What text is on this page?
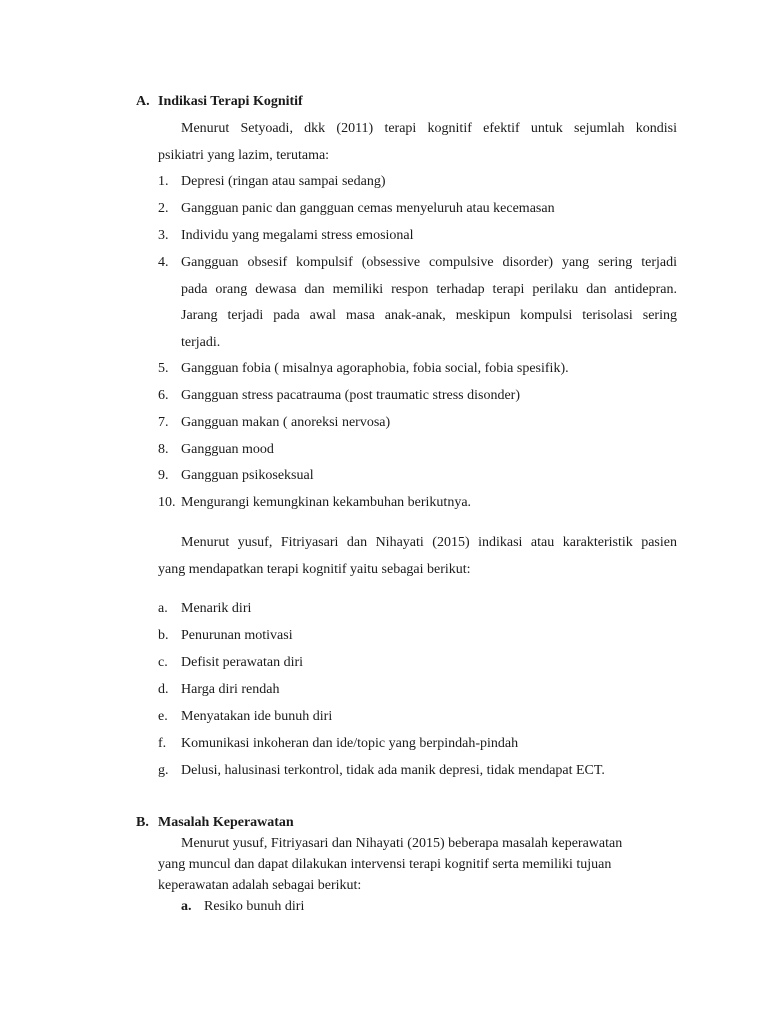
A. Indikasi Terapi Kognitif
Menurut Setyoadi, dkk (2011) terapi kognitif efektif untuk sejumlah kondisi
psikiatri yang lazim, terutama:
1. Depresi (ringan atau sampai sedang)
2. Gangguan panic dan gangguan cemas menyeluruh atau kecemasan
3. Individu yang megalami stress emosional
4. Gangguan obsesif kompulsif (obsessive compulsive disorder) yang sering terjadi
pada orang dewasa dan memiliki respon terhadap terapi perilaku dan antidepran.
Jarang terjadi pada awal masa anak-anak, meskipun kompulsi terisolasi sering
terjadi.
5. Gangguan fobia ( misalnya agoraphobia, fobia social, fobia spesifik).
6. Gangguan stress pacatrauma (post traumatic stress disonder)
7. Gangguan makan ( anoreksi nervosa)
8. Gangguan mood
9. Gangguan psikoseksual
10. Mengurangi kemungkinan kekambuhan berikutnya.
Menurut yusuf, Fitriyasari dan Nihayati (2015) indikasi atau karakteristik pasien
yang mendapatkan terapi kognitif yaitu sebagai berikut:
a. Menarik diri
b. Penurunan motivasi
c. Defisit perawatan diri
d. Harga diri rendah
e. Menyatakan ide bunuh diri
f. Komunikasi inkoheran dan ide/topic yang berpindah-pindah
g. Delusi, halusinasi terkontrol, tidak ada manik depresi, tidak mendapat ECT.
B. Masalah Keperawatan
Menurut yusuf, Fitriyasari dan Nihayati (2015) beberapa masalah keperawatan
yang muncul dan dapat dilakukan intervensi terapi kognitif serta memiliki tujuan
keperawatan adalah sebagai berikut:
a. Resiko bunuh diri
